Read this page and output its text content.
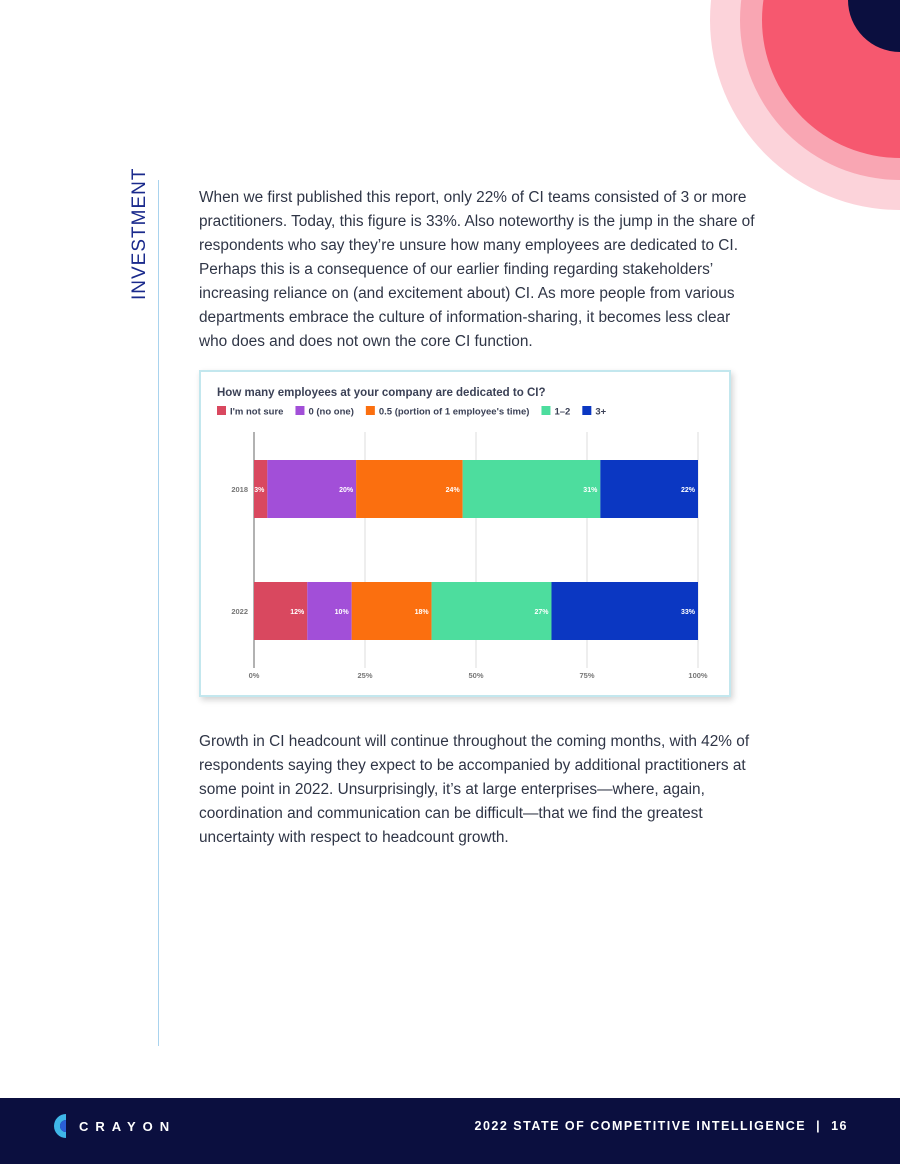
INVESTMENT	When we first published this report, only 22% of CI teams consisted of 3 or more practitioners. Today, this figure is 33%. Also noteworthy is the jump in the share of respondents who say they’re unsure how many employees are dedicated to CI. Perhaps this is a consequence of our earlier finding regarding stakeholders’ increasing reliance on (and excitement about) CI. As more people from various departments embrace the culture of information-sharing, it becomes less clear who does and does not own the core CI function.

How many employees at your company are dedicated to CI?
I'm not sure	0 (no one)	0.5 (portion of 1 employee's time)	1–2	3+
0%	25%	50%	75%	100%
2018 3%	20%	24%	31%	22%
2022	12%	10%	18%	27%	33%

Growth in CI headcount will continue throughout the coming months, with 42% of respondents saying they expect to be accompanied by additional practitioners at some point in 2022. Unsurprisingly, it’s at large enterprises—where, again, coordination and communication can be difficult—that we find the greatest uncertainty with respect to headcount growth.

CRAYON	2022 STATE OF COMPETITIVE INTELLIGENCE | 16
